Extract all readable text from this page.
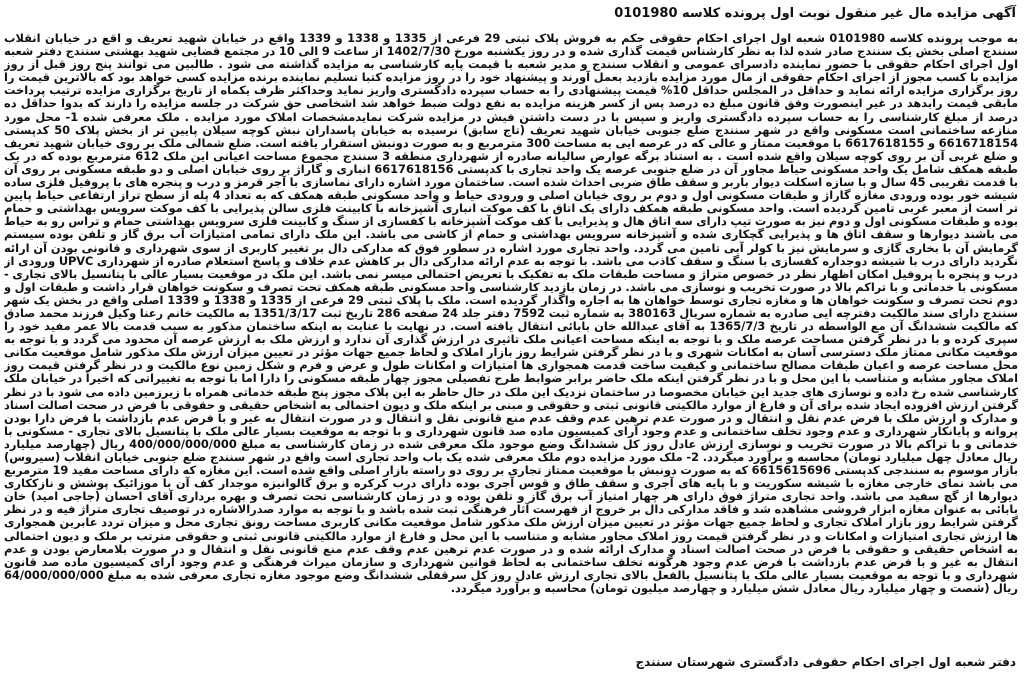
آگهی مزایده مال غیر منقول نوبت اول پرونده کلاسه 0101980

به موجب پرونده کلاسه 0101980 شعبه اول اجرای احکام حقوقی حکم به فروش پلاک ثبتی 29 فرعی از 1335 و 1338 و 1339 واقع در خیابان شهید تعریف و اقع در خیابان انقلاب سنندج اصلی بخش یک سنندج صادر شده لذا به نظر کارشناس قیمت گذاری شده و در روز یکشنبه مورخ 1402/7/30 از ساعت 9 الی 10 در مجتمع قضایی شهید بهشتی سنندج دفتر شعبه اول اجرای احکام حقوقی با حضور نماینده دادسرای عمومی و انقلاب سنندج و مدیر شعبه با قیمت پایه کارشناسی به مزایده گذاشته می شود . طالبین می توانند پنج روز قبل از روز مزایده با کسب مجوز از اجرای احکام حقوقی از مال مورد مزایده بازدید بعمل آورند و پیشنهاد خود را در روز مزایده کتبا تسلیم نماینده برنده مزایده کسی خواهد بود که بالاترین قیمت را روز برگزاری مزایده ارائه نماید و حداقل در المجلس حداقل 10% قیمت پیشنهادی را به حساب سپرده دادگستری واریز نماید وحداکثر ظرف یکماه از تاریخ برگزاری مزایده ترتیب پرداخت مابقی قیمت رابدهد در غیر اینصورت وفق قانون مبلغ ده درصد پس از کسر هزینه مزایده به نفع دولت ضبط خواهد شد اشخاصی حق شرکت در جلسه مزایده را دارند که بدوا حداقل ده درصد از مبلغ کارشناسی را به حساب سپرده دادگستری واریز و سپس با در دست داشتن فیش در مزایده شرکت نمایدمشخصات املاک مورد مزایده . ملک معرفی شده 1- محل مورد منازعه ساختمانی است مسکونی واقع در شهر سنندج ضلع جنوبی خیابان شهید تعریف (تاج سابق) نرسیده به خیابان پاسداران نبش کوچه سیلان پایین تر از بخش پلاک 50 کدپستی 6616718154 و 6617618155 با موقعیت ممتاز و عالی که در عرصه ایی به مساحت 300 مترمربع و به صورت دونبش استقرار یافته است. ضلع شمالی ملک بر روی خیابان شهید تعریف و ضلع غربی آن بر روی کوچه سیلان واقع شده است . به استناد برگه عوارض سالیانه صادره از شهرداری منطقه 3 سنندج مجموع مساحت اعیانی این ملک 612 مترمربع بوده که در یک طبقه همکف شامل یک واحد مسکونی حیاط مجاور آن در ضلع جنوبی عرصه یک واحد تجاری با کدپستی 6617618156 انباری و گاراژ بر روی خیابان اصلی و دو طبقه مسکونی بر روی آن با قدمت تقریبی 45 سال و با سازه اسکلت دیوار باربر و سقف طاق ضربی احداث شده است. ساختمان مورد اشاره دارای نماسازی با آجر قرمز و درب و پنجره های با پروفیل فلزی ساده شیشه خور بوده ورودی مغازه گاراژ و طبقات مسکونی اول و دوم بر روی خیابان اصلی و ورودی حیاط و واحد مسکونی طبقه همکف که به تعداد 4 پله از سطح تراز ارتفاعی حیاط پایین تر است از معبر غربی تامین گردیده است. واحد مسکونی طبقه همکف دارای یک اتاق با کف موکت انباری آشپزخانه با کابینت فلزی سالن پذیرایی با کف موکت سرویس بهداشتی و حمام بوده و طبقات مسکونی اول و دوم نیز به صورت تیپ دارای سه اتاق هال و پذیرایی با کف موکت آشپزخانه با کفسازی از سنگ و کابینت فلزی سرویس بهداشتی حمام و تراس رو به حیاط می باشند دیوارها و سقف اتاق ها و پذیرایی گچکاری شده و آشپزخانه سرویس بهداشتی و حمام از کاشی می باشد. این ملک دارای تمامی امتیازات آب برق گاز و تلفن بوده سیستم گرمایش آن با بخاری گازی و سرمایش نیز با کولر آبی تامین می گردد. واحد تجاری مورد اشاره در سطور فوق که مدارکی دال بر تغییر کاربری از سوی شهرداری و قانونی بودن آن ارائه نگردید دارای درب با شیشه دوجداره کفسازی با سنگ و سقف کاذب می باشد. با توجه به عدم ارائه مدارکی دال بر کاهش عدم خلاف و پاسخ استعلام صادره از شهرداری UPVC ورودی از درب و پنجره با پروفیل امکان اظهار نظر در خصوص متراژ و مساحت طبقات ملک به تفکیک با تعریض احتمالی میسر نمی باشد. این ملک در موقعیت بسیار عالی با پتانسیل بالای تجاری - مسکونی با خدماتی و با تراکم بالا در صورت تخریب و نوسازی می باشد. در زمان بازدید کارشناسی واحد مسکونی طبقه همکف تحت تصرف و سکونت خواهان قرار داشت و طبقات اول و دوم تحت تصرف و سکونت خواهان ها و مغازه تجاری توسط خواهان ها به اجاره واگذار گردیده است. ملک با پلاک ثبتی 29 فرعی از 1335 و 1338 و 1339 اصلی واقع در بخش یک شهر سنندج دارای سند مالکیت دفترچه ایی صادره به شماره سریال 380163 به شماره ثبت 7592 دفتر جلد 24 صفحه 286 تاریخ ثبت 1351/3/17 به مالکیت خانم رعنا وکیل فرزند محمد صادق که مالکیت ششدانگ آن مع الواسطه در تاریخ 1365/7/3 به آقای عبدالله خان بابائی انتقال یافته است. در نهایت با عنایت به اینکه ساختمان مذکور به سبب قدمت بالا عمر مفید خود را سپری کرده و با در نظر گرفتن مساحت عرصه ملک و با توجه به اینکه مساحت اعیانی ملک تاثیری در ارزش گذاری آن ندارد و ارزش ملک به ارزش عرصه آن محدود می گردد و با توجه به موقعیت مکانی ممتاز ملک دسترسی آسان به امکانات شهری و با در نظر گرفتن شرایط روز بازار املاک و لحاظ جمیع جهات مؤثر در تعیین میزان ارزش ملک مذکور شامل موقعیت مکانی محل مساحت عرصه و اعیان طبقات مصالح ساختمانی و کیفیت ساخت قدمت همجواری ها امتیازات و امکانات طول و عرض و فرم و شکل زمین نوع مالکیت و در نظر گرفتن قیمت روز املاک مجاور مشابه و متناسب با این محل و با در نظر گرفتن اینکه ملک حاضر برابر ضوابط طرح تفصیلی مجوز چهار طبقه مسکونی را دارا اما با توجه به تغییراتی که اخیراً در خیابان ملک کارشناسی شده رخ داده و نوسازی های جدید این خیابان مخصوصا در ساختمان نزدیک این ملک در حال حاظر به این پلاک مجوز پنج طبقه خدماتی همراه با زیرزمین داده می شود با در نظر گرفتن ارزش افزوده ایجاد شده برای آن و فارغ از موارد مالکیتی قانونی ثبتی و حقوقی و مبنی بر اینکه ملک و دیون احتمالی به اشخاص حقیقی و حقوقی با فرض در صحت اصالت اسناد و مدارک و ارزش ملک با فرض عدم نقل و انتقال و در صورت عدم ترهین عدم وقف عدم منع قانونی نقل و انتقال و در صورت انتقال به غیر و با فرض عدم بازداشت با فرض دارا بودن پروانه و پایانکار شهرداری و عدم وجود تخلف ساختمانی و عدم وجود آرای کمیسیون ماده صد قانون شهرداری و با توجه به موقعیت بسیار عالی ملک با پتانسیل بالای تجاری - مسکونی با خدماتی و با تراکم بالا در صورت تخریب و نوسازی ارزش عادل روز کل ششدانگ وضع موجود ملک معرفی شده در زمان کارشناسی به مبلغ 400/000/000/000 ریال (چهارصد میلیارد ریال معادل چهل میلیارد تومان) محاسبه و برآورد میگردد. 2- ملک مورد مزایده دوم ملک معرفی شده یک باب واحد تجاری است واقع در شهر سنندج ضلع جنوبی خیابان انقلاب (سیروس) بازار موسوم به سنندجی کدپستی 6615615696 که به صورت دونبش با موقعیت ممتاز تجاری بر روی دو راسته بازار اصلی واقع شده است. این مغازه که دارای مساحت مفید 19 مترمربع می باشد نمای خارجی مغازه با شیشه سکوریت و با پایه های آجری و سقف طاق و قوس آجری بوده دارای درب کرکره و برق گالوانیزه موجدار کف آن با موزائیک پوشش و نازککاری دیوارها از گچ سفید می باشد. واحد تجاری متراژ فوق دارای هر چهار امتیاز آب برق گاز و تلفن بوده و در زمان کارشناسی تحت تصرف و بهره برداری آقای احسان (جاجی امید) خان بابائی به عنوان مغازه ابزار فروشی مشاهده شد و فاقد مدارکی دال بر خروج از فهرست آثار فرهنگی ثبت شده باشد و با توجه به موارد صدرالاشاره در توصیف تجاری متراژ فیه و در نظر گرفتن شرایط روز بازار املاک تجاری و لحاظ جمیع جهات مؤثر در تعیین میزان ارزش ملک مذکور شامل موقعیت مکانی کاربری مساحت رونق تجاری محل و میزان تردد عابرین همجواری ها ارزش تجاری امتیازات و امکانات و در نظر گرفتن قیمت روز املاک مجاور مشابه و متناسب با این محل و فارغ از موارد مالکیتی قانونی ثبتی و حقوقی مترتب بر ملک و دیون احتمالی به اشخاص حقیقی و حقوقی با فرض در صحت اصالت اسناد و مدارک ارائه شده و در صورت عدم ترهین عدم وقف عدم منع قانونی نقل و انتقال و در صورت بلامعارض بودن و عدم انتقال به غیر و با فرض عدم بازداشت با فرض عدم وجود هرگونه تخلف ساختمانی به لحاظ قوانین شهرداری و سازمان میراث فرهنگی و عدم وجود آرای کمیسیون ماده صد قانون شهرداری و با توجه به موقعیت بسیار عالی ملک با پتانسیل بالفعل بالای تجاری ارزش عادل روز کل سرقفلی ششدانگ وضع موجود مغازه تجاری معرفی شده به مبلغ 64/000/000/000 ریال (شصت و چهار میلیارد ریال معادل شش میلیارد و چهارصد میلیون تومان) محاسبه و برآورد میگردد.

دفتر شعبه اول اجرای احکام حقوقی دادگستری شهرستان سنندج
